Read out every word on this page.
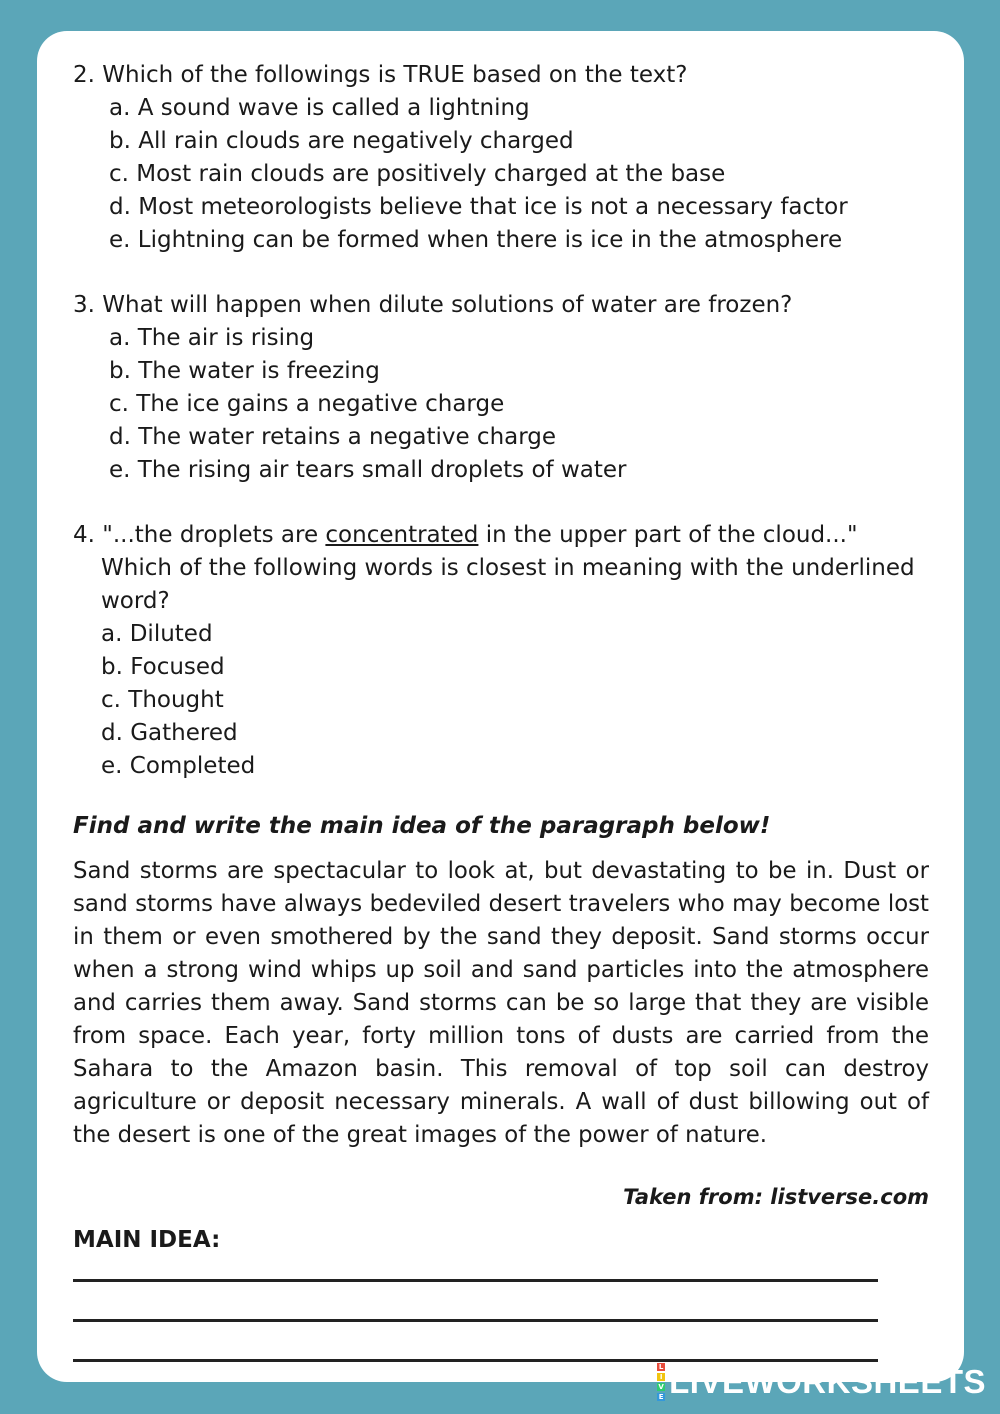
2. Which of the followings is TRUE based on the text?

a. A sound wave is called a lightning

b. All rain clouds are negatively charged

c. Most rain clouds are positively charged at the base

d. Most meteorologists believe that ice is not a necessary factor

e. Lightning can be formed when there is ice in the atmosphere

3. What will happen when dilute solutions of water are frozen?

a. The air is rising

b. The water is freezing

c. The ice gains a negative charge

d. The water retains a negative charge

e. The rising air tears small droplets of water

4. "...the droplets are concentrated in the upper part of the cloud..."

Which of the following words is closest in meaning with the underlined word?

a. Diluted

b. Focused

c. Thought

d. Gathered

e. Completed

Find and write the main idea of the paragraph below!
Sand storms are spectacular to look at, but devastating to be in. Dust or sand storms have always bedeviled desert travelers who may become lost in them or even smothered by the sand they deposit. Sand storms occur when a strong wind whips up soil and sand particles into the atmosphere and carries them away. Sand storms can be so large that they are visible from space. Each year, forty million tons of dusts are carried from the Sahara to the Amazon basin. This removal of top soil can destroy agriculture or deposit necessary minerals. A wall of dust billowing out of the desert is one of the great images of the power of nature.
Taken from: listverse.com
MAIN IDEA:
L
I
V
E LIVEWORKSHEETS
